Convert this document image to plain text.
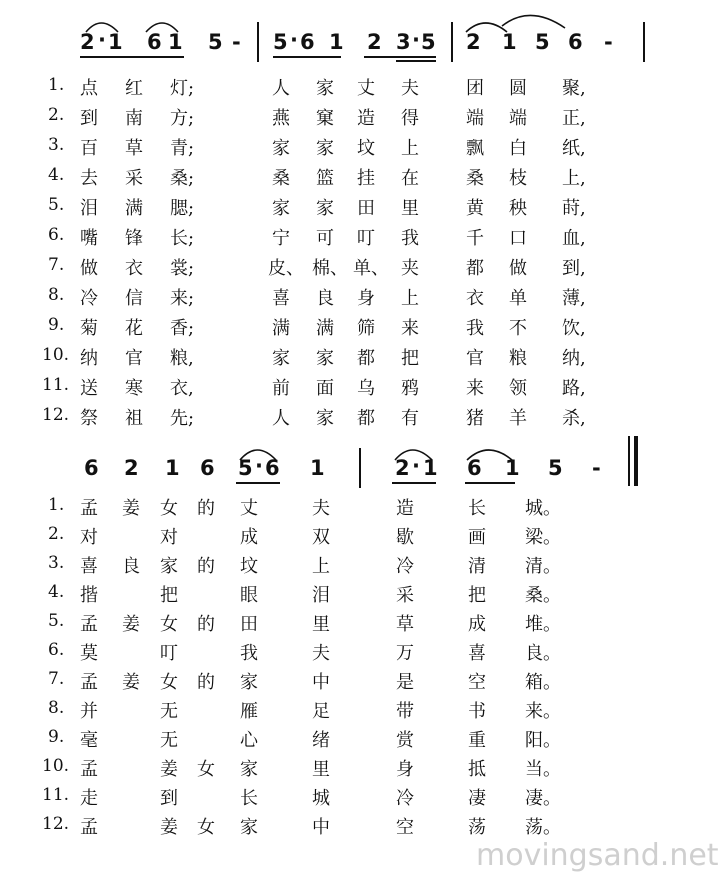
2 · 1 6 1 5 - 5 · 6 1 2 3 · 5 2 1 5 6 -
1. 点 红 灯;	人 家 丈 夫	团 圆 聚,
2. 到 南 方;	燕 窠 造 得	端 端 正,
3. 百 草 青;	家 家 坟 上	飘 白 纸,
4. 去 采 桑;	桑 篮 挂 在	桑 枝 上,
5. 泪 满 腮;	家 家 田 里	黄 秧 莳,
6. 嘴 锋 长;	宁 可 叮 我	千 口 血,
7. 做 衣 裳;	皮、 棉、 单、 夹	都 做 到,
8. 冷 信 来;	喜 良 身 上	衣 单 薄,
9. 菊 花 香;	满 满 筛 来	我 不 饮,
10. 纳 官 粮,	家 家 都 把	官 粮 纳,
11. 送 寒 衣,	前 面 乌 鸦	来 领 路,
12. 祭 祖 先;	人 家 都 有	猪 羊 杀,
6 2 1 6 5 · 6 1	2 · 1 6 1 5 -
1. 孟 姜 女 的 丈	夫	造	长 城。
2. 对	对	成	双	歇	画 梁。
3. 喜 良 家 的 坟	上	冷	清 清。
4. 揩	把	眼	泪	采	把 桑。
5. 孟 姜 女 的 田	里	草	成 堆。
6. 莫	叮	我	夫	万	喜 良。
7. 孟 姜 女 的 家	中	是	空 箱。
8. 并	无	雁	足	带	书 来。
9. 毫	无	心	绪	赏	重 阳。
10. 孟	姜 女 家	里	身	抵 当。
11. 走	到	长	城	冷	凄 凄。
12. 孟	姜 女 家	中	空	荡 荡。
movingsand.net
